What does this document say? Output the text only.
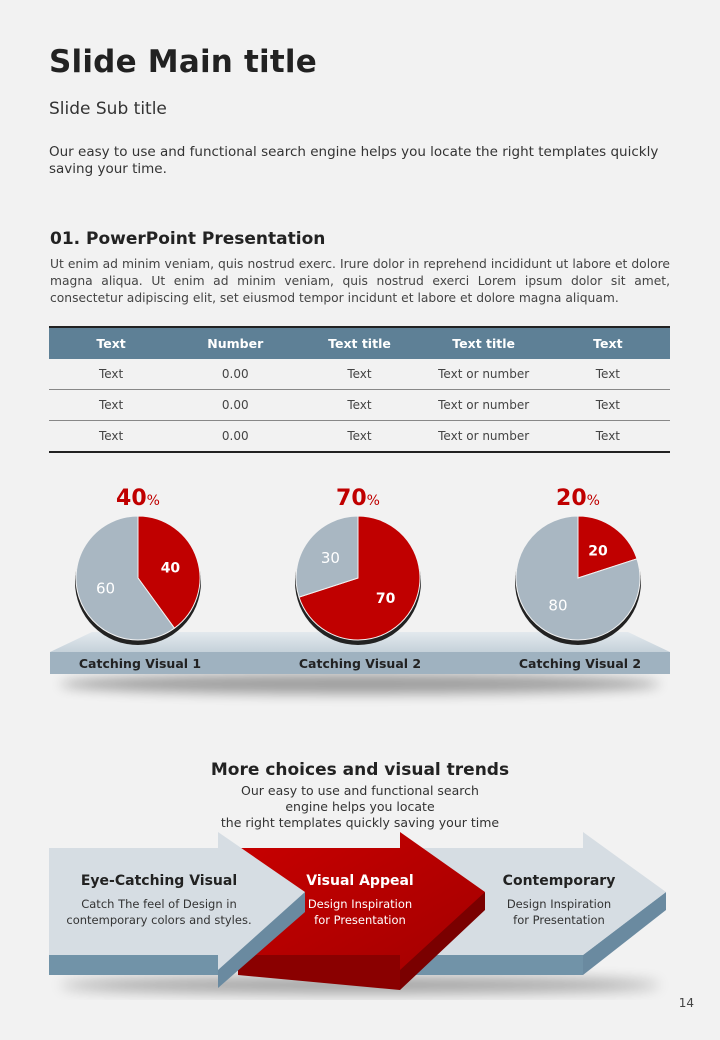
Slide Main title
Slide Sub title
Our easy to use and functional search engine helps you locate the right templates quickly saving your time.
01. PowerPoint Presentation
Ut enim ad minim veniam, quis nostrud exerc. Irure dolor in reprehend incididunt ut labore et dolore magna aliqua. Ut enim ad minim veniam, quis nostrud exerci Lorem ipsum dolor sit amet, consectetur adipiscing elit, set eiusmod tempor incidunt et labore et dolore magna aliquam.
Text	Number	Text title	Text title	Text
Text	0.00	Text	Text or number	Text
Text	0.00	Text	Text or number	Text
Text	0.00	Text	Text or number	Text
40
60
70
30	20
80
40%	70%	20%
Catching Visual 1	Catching Visual 2	Catching Visual 2
More choices and visual trends
Our easy to use and functional search engine helps you locate
the right templates quickly saving your time
Eye-Catching Visual
Catch The feel of Design in
contemporary colors and styles.
Visual Appeal
Design Inspiration
for Presentation
Contemporary
Design Inspiration
for Presentation
14
